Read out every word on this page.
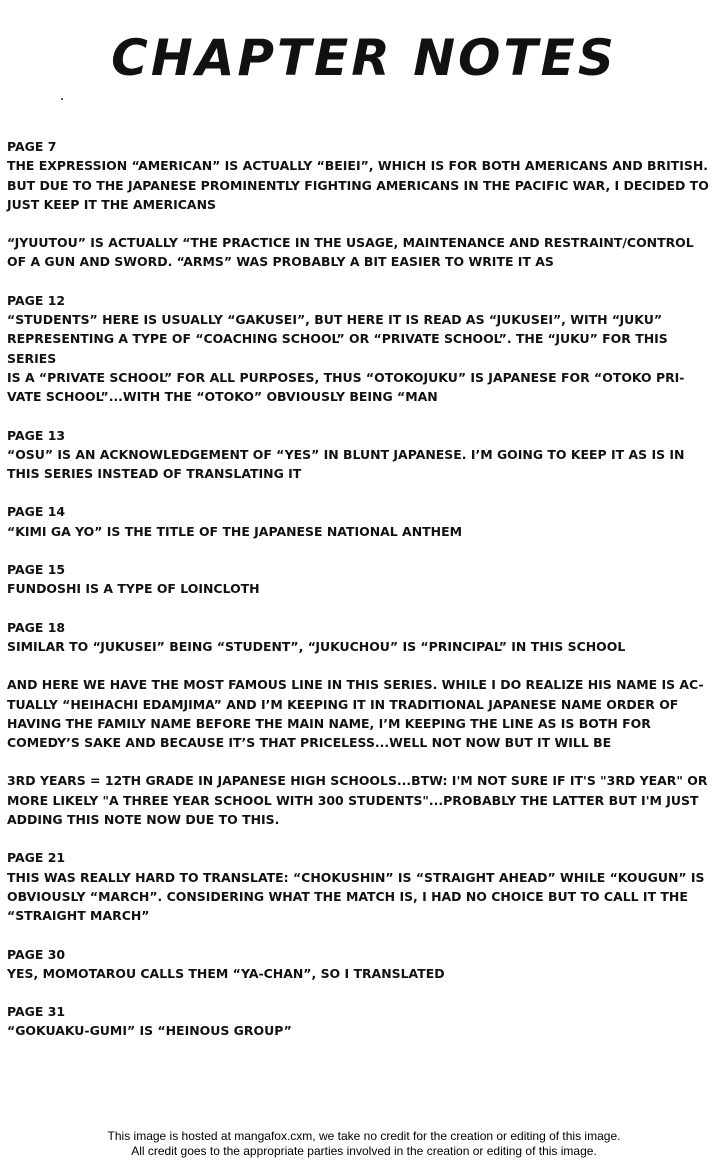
CHAPTER NOTES
PAGE 7
THE EXPRESSION “AMERICAN” IS ACTUALLY “BEIEI”, WHICH IS FOR BOTH AMERICANS AND BRITISH.
BUT DUE TO THE JAPANESE PROMINENTLY FIGHTING AMERICANS IN THE PACIFIC WAR, I DECIDED TO
JUST KEEP IT THE AMERICANS
“JYUUTOU” IS ACTUALLY “THE PRACTICE IN THE USAGE, MAINTENANCE AND RESTRAINT/CONTROL
OF A GUN AND SWORD. “ARMS” WAS PROBABLY A BIT EASIER TO WRITE IT AS
PAGE 12
“STUDENTS” HERE IS USUALLY “GAKUSEI”, BUT HERE IT IS READ AS “JUKUSEI”, WITH “JUKU”
REPRESENTING A TYPE OF “COACHING SCHOOL” OR “PRIVATE SCHOOL”. THE “JUKU” FOR THIS
SERIES
IS A “PRIVATE SCHOOL” FOR ALL PURPOSES, THUS “OTOKOJUKU” IS JAPANESE FOR “OTOKO PRI-
VATE SCHOOL”...WITH THE “OTOKO” OBVIOUSLY BEING “MAN
PAGE 13
“OSU” IS AN ACKNOWLEDGEMENT OF “YES” IN BLUNT JAPANESE. I’M GOING TO KEEP IT AS IS IN
THIS SERIES INSTEAD OF TRANSLATING IT
PAGE 14
“KIMI GA YO” IS THE TITLE OF THE JAPANESE NATIONAL ANTHEM
PAGE 15
FUNDOSHI IS A TYPE OF LOINCLOTH
PAGE 18
SIMILAR TO “JUKUSEI” BEING “STUDENT”, “JUKUCHOU” IS “PRINCIPAL” IN THIS SCHOOL
AND HERE WE HAVE THE MOST FAMOUS LINE IN THIS SERIES. WHILE I DO REALIZE HIS NAME IS AC-
TUALLY “HEIHACHI EDAMJIMA” AND I’M KEEPING IT IN TRADITIONAL JAPANESE NAME ORDER OF
HAVING THE FAMILY NAME BEFORE THE MAIN NAME, I’M KEEPING THE LINE AS IS BOTH FOR
COMEDY’S SAKE AND BECAUSE IT’S THAT PRICELESS...WELL NOT NOW BUT IT WILL BE
3RD YEARS = 12TH GRADE IN JAPANESE HIGH SCHOOLS...BTW: I'M NOT SURE IF IT'S "3RD YEAR" OR
MORE LIKELY "A THREE YEAR SCHOOL WITH 300 STUDENTS"...PROBABLY THE LATTER BUT I'M JUST
ADDING THIS NOTE NOW DUE TO THIS.
PAGE 21
THIS WAS REALLY HARD TO TRANSLATE: “CHOKUSHIN” IS “STRAIGHT AHEAD” WHILE “KOUGUN” IS
OBVIOUSLY “MARCH”. CONSIDERING WHAT THE MATCH IS, I HAD NO CHOICE BUT TO CALL IT THE
“STRAIGHT MARCH”
PAGE 30
YES, MOMOTAROU CALLS THEM “YA-CHAN”, SO I TRANSLATED
PAGE 31
“GOKUAKU-GUMI” IS “HEINOUS GROUP”
This image is hosted at mangafox.cxm, we take no credit for the creation or editing of this image.
All credit goes to the appropriate parties involved in the creation or editing of this image.
